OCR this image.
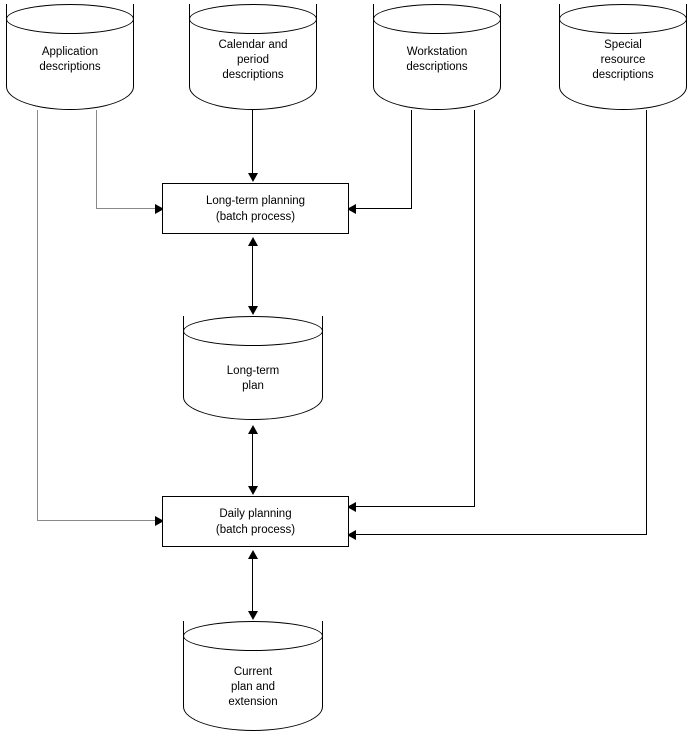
Application
descriptions
Calendar and
period
descriptions
Workstation
descriptions
Special
resource
descriptions
Long-term
plan
Current
plan and
extension
Long-term planning
(batch process)
Daily planning
(batch process)
